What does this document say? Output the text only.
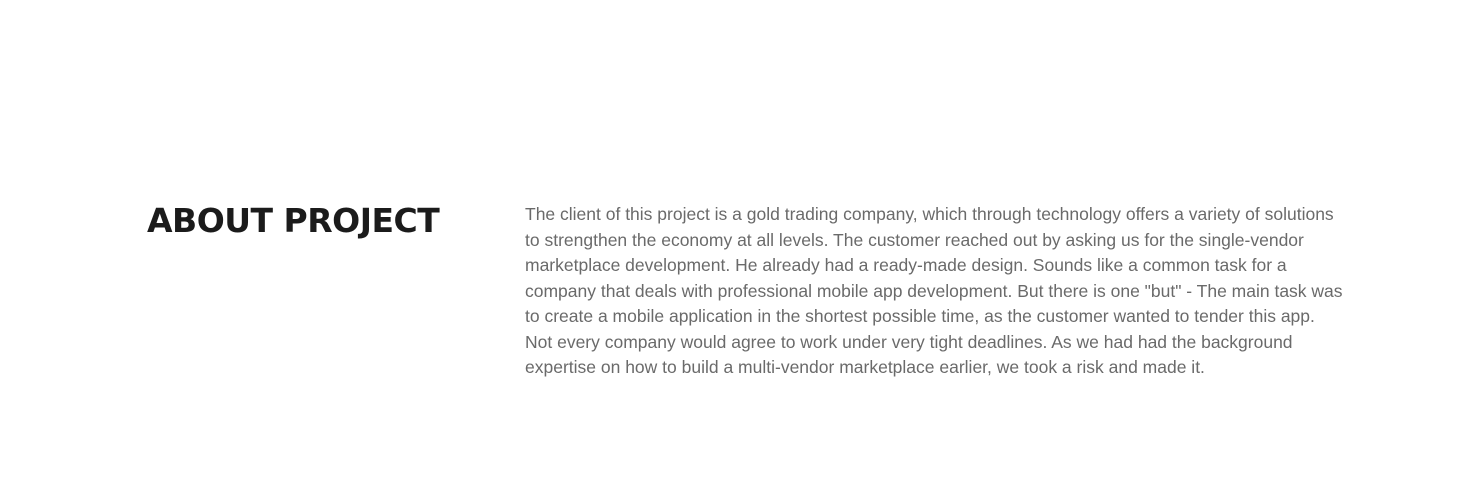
ABOUT PROJECT	The client of this project is a gold trading company, which through technology offers a variety of solutions to strengthen the economy at all levels. The customer reached out by asking us for the single-vendor marketplace development. He already had a ready-made design. Sounds like a common task for a company that deals with professional mobile app development. But there is one "but" - The main task was to create a mobile application in the shortest possible time, as the customer wanted to tender this app. Not every company would agree to work under very tight deadlines. As we had had the background expertise on how to build a multi-vendor marketplace earlier, we took a risk and made it.
